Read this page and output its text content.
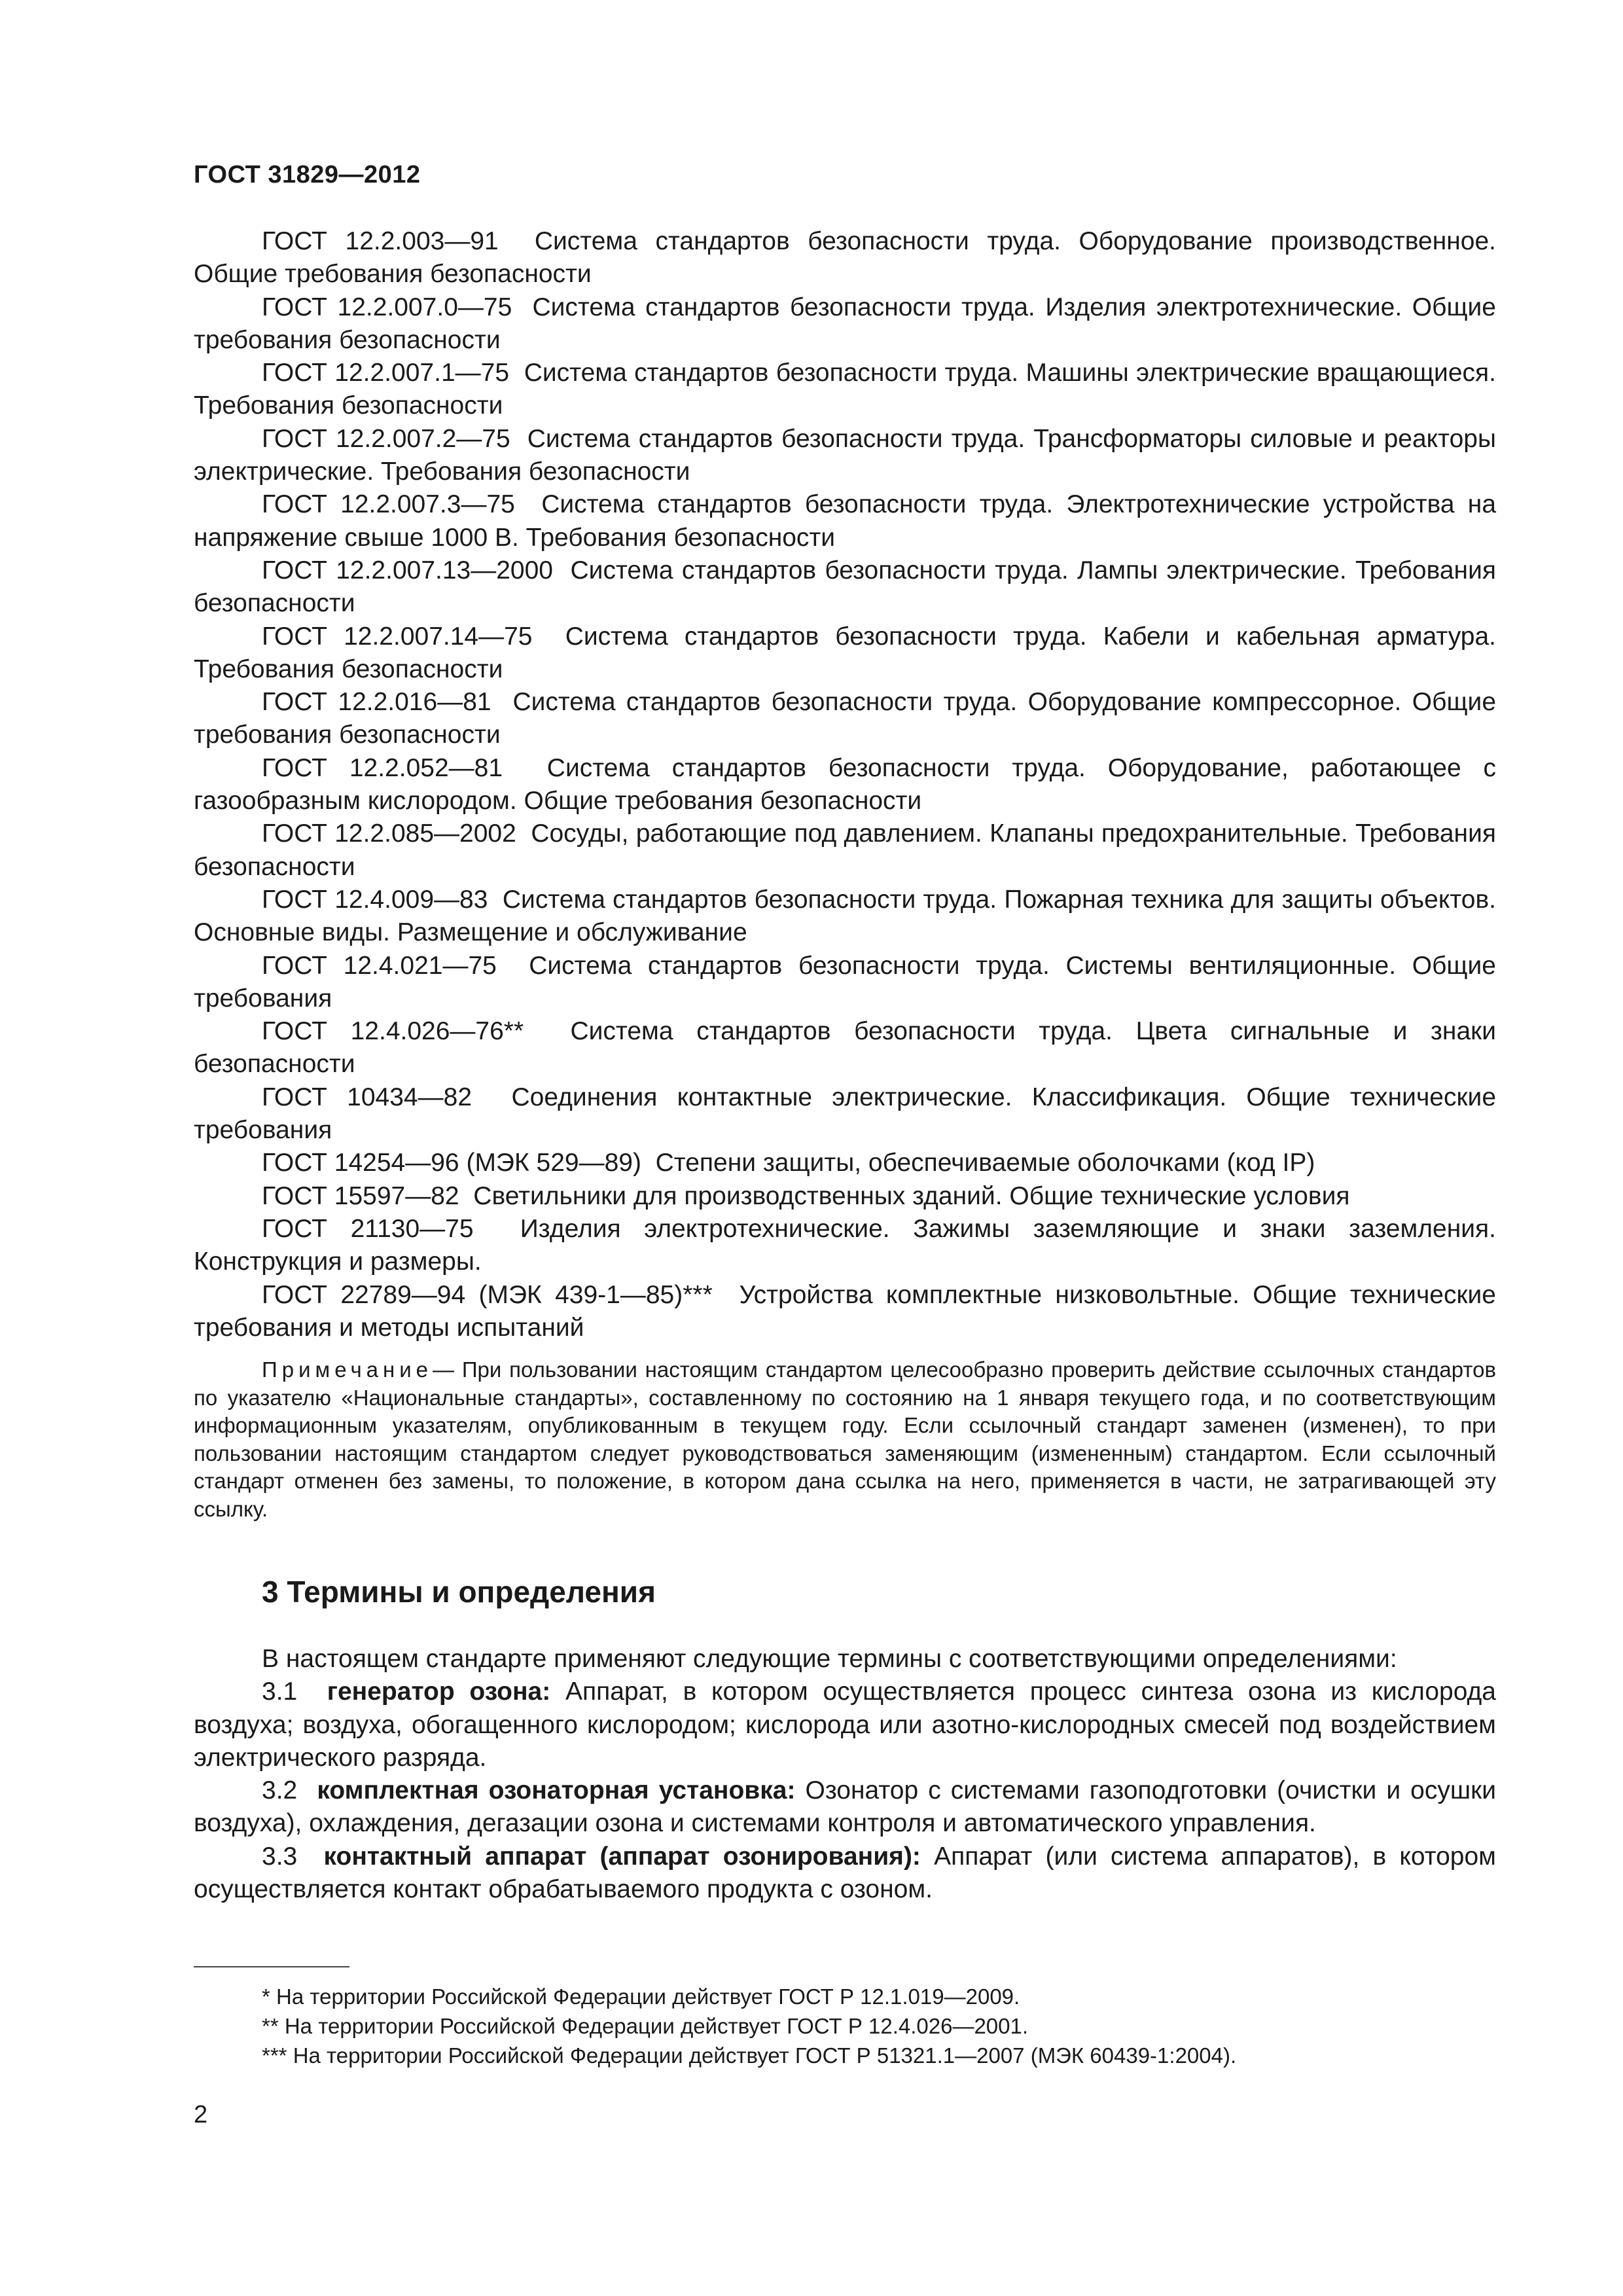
ГОСТ 31829—2012

ГОСТ 12.2.003—91 Система стандартов безопасности труда. Оборудование производственное. Общие требования безопасности

ГОСТ 12.2.007.0—75 Система стандартов безопасности труда. Изделия электротехнические. Общие требования безопасности

ГОСТ 12.2.007.1—75 Система стандартов безопасности труда. Машины электрические вращающиеся. Требования безопасности

ГОСТ 12.2.007.2—75 Система стандартов безопасности труда. Трансформаторы силовые и реакторы электрические. Требования безопасности

ГОСТ 12.2.007.3—75 Система стандартов безопасности труда. Электротехнические устройства на напряжение свыше 1000 В. Требования безопасности

ГОСТ 12.2.007.13—2000 Система стандартов безопасности труда. Лампы электрические. Требования безопасности

ГОСТ 12.2.007.14—75 Система стандартов безопасности труда. Кабели и кабельная арматура. Требования безопасности

ГОСТ 12.2.016—81 Система стандартов безопасности труда. Оборудование компрессорное. Общие требования безопасности

ГОСТ 12.2.052—81 Система стандартов безопасности труда. Оборудование, работающее с газообразным кислородом. Общие требования безопасности

ГОСТ 12.2.085—2002 Сосуды, работающие под давлением. Клапаны предохранительные. Требования безопасности

ГОСТ 12.4.009—83 Система стандартов безопасности труда. Пожарная техника для защиты объектов. Основные виды. Размещение и обслуживание

ГОСТ 12.4.021—75 Система стандартов безопасности труда. Системы вентиляционные. Общие требования

ГОСТ 12.4.026—76** Система стандартов безопасности труда. Цвета сигнальные и знаки безопасности

ГОСТ 10434—82 Соединения контактные электрические. Классификация. Общие технические требования

ГОСТ 14254—96 (МЭК 529—89) Степени защиты, обеспечиваемые оболочками (код IP)

ГОСТ 15597—82 Светильники для производственных зданий. Общие технические условия

ГОСТ 21130—75 Изделия электротехнические. Зажимы заземляющие и знаки заземления. Конструкция и размеры.

ГОСТ 22789—94 (МЭК 439-1—85)*** Устройства комплектные низковольтные. Общие технические требования и методы испытаний

Примечание— При пользовании настоящим стандартом целесообразно проверить действие ссылочных стандартов по указателю «Национальные стандарты», составленному по состоянию на 1 января текущего года, и по соответствующим информационным указателям, опубликованным в текущем году. Если ссылочный стандарт заменен (изменен), то при пользовании настоящим стандартом следует руководствоваться заменяющим (измененным) стандартом. Если ссылочный стандарт отменен без замены, то положение, в котором дана ссылка на него, применяется в части, не затрагивающей эту ссылку.

3 Термины и определения

В настоящем стандарте применяют следующие термины с соответствующими определениями:

3.1 генератор озона: Аппарат, в котором осуществляется процесс синтеза озона из кислорода воздуха; воздуха, обогащенного кислородом; кислорода или азотно-кислородных смесей под воздействием электрического разряда.

3.2 комплектная озонаторная установка: Озонатор с системами газоподготовки (очистки и осушки воздуха), охлаждения, дегазации озона и системами контроля и автоматического управления.

3.3 контактный аппарат (аппарат озонирования): Аппарат (или система аппаратов), в котором осуществляется контакт обрабатываемого продукта с озоном.

* На территории Российской Федерации действует ГОСТ Р 12.1.019—2009.

** На территории Российской Федерации действует ГОСТ Р 12.4.026—2001.

*** На территории Российской Федерации действует ГОСТ Р 51321.1—2007 (МЭК 60439-1:2004).

2
